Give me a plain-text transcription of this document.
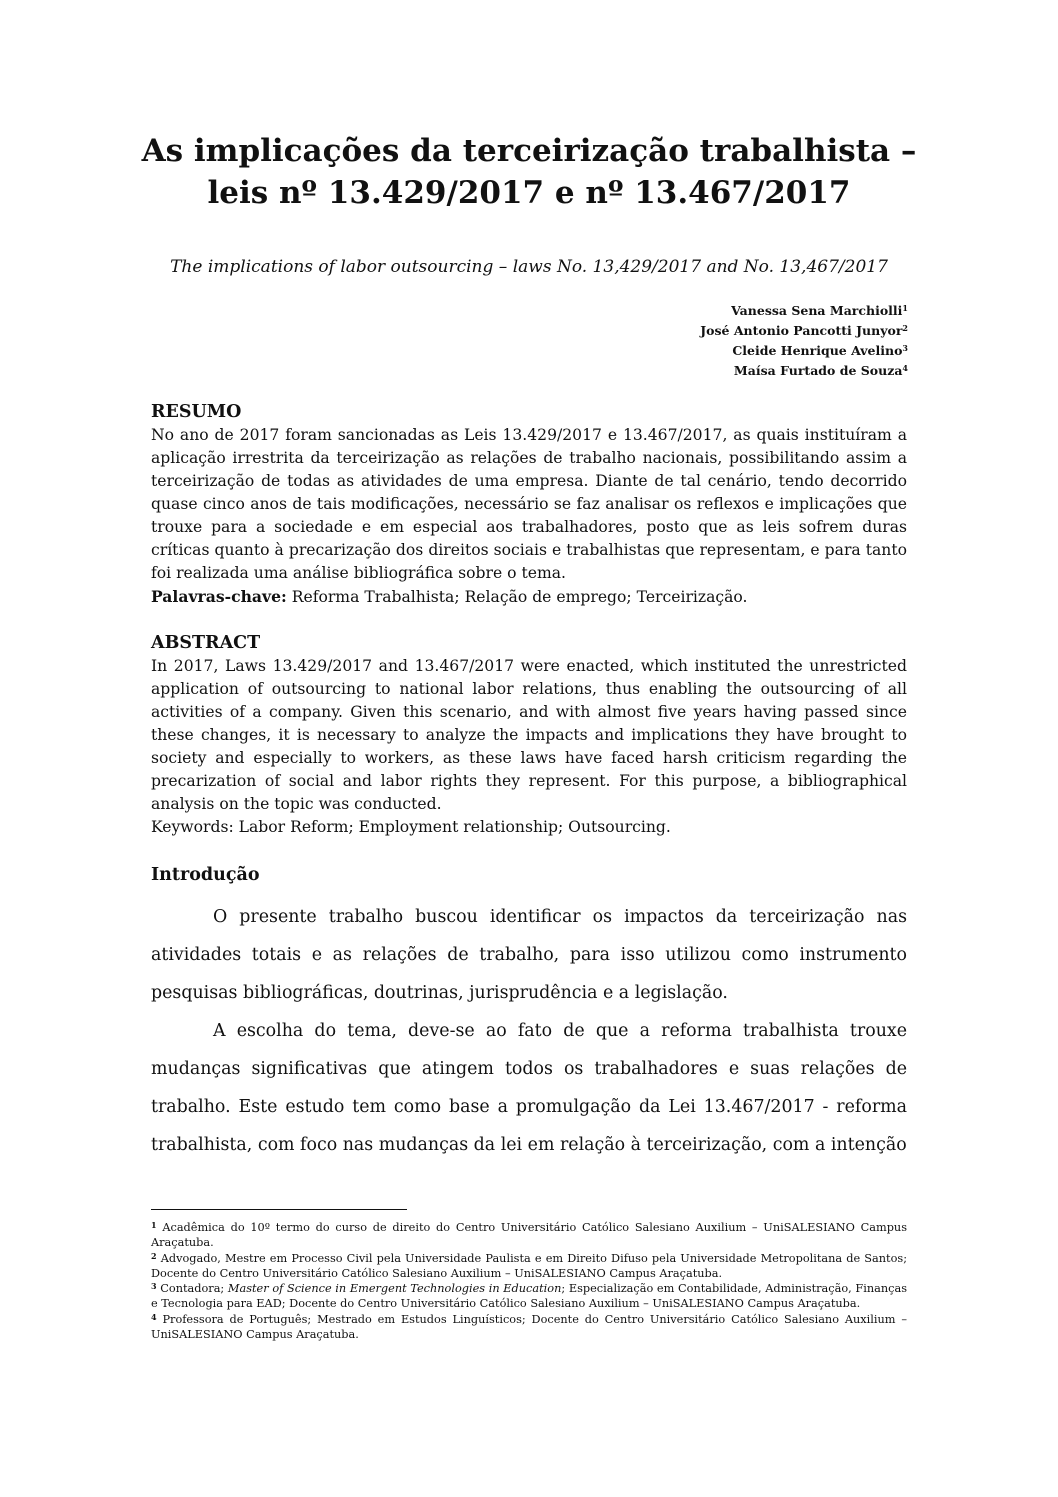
As implicações da terceirização trabalhista –
leis nº 13.429/2017 e nº 13.467/2017
The implications of labor outsourcing – laws No. 13,429/2017 and No. 13,467/2017
Vanessa Sena Marchiolli$^1$
José Antonio Pancotti Junyor$^2$
Cleide Henrique Avelino$^3$
Maísa Furtado de Souza$^4$
RESUMO

No ano de 2017 foram sancionadas as Leis 13.429/2017 e 13.467/2017, as quais instituíram a aplicação irrestrita da terceirização as relações de trabalho nacionais, possibilitando assim a terceirização de todas as atividades de uma empresa. Diante de tal cenário, tendo decorrido quase cinco anos de tais modificações, necessário se faz analisar os reflexos e implicações que trouxe para a sociedade e em especial aos trabalhadores, posto que as leis sofrem duras críticas quanto à precarização dos direitos sociais e trabalhistas que representam, e para tanto foi realizada uma análise bibliográfica sobre o tema.

Palavras-chave: Reforma Trabalhista; Relação de emprego; Terceirização.

ABSTRACT

In 2017, Laws 13.429/2017 and 13.467/2017 were enacted, which instituted the unrestricted application of outsourcing to national labor relations, thus enabling the outsourcing of all activities of a company. Given this scenario, and with almost five years having passed since these changes, it is necessary to analyze the impacts and implications they have brought to society and especially to workers, as these laws have faced harsh criticism regarding the precarization of social and labor rights they represent. For this purpose, a bibliographical analysis on the topic was conducted.

Keywords: Labor Reform; Employment relationship; Outsourcing.

Introdução

O presente trabalho buscou identificar os impactos da terceirização nas atividades totais e as relações de trabalho, para isso utilizou como instrumento pesquisas bibliográficas, doutrinas, jurisprudência e a legislação.

A escolha do tema, deve-se ao fato de que a reforma trabalhista trouxe mudanças significativas que atingem todos os trabalhadores e suas relações de trabalho. Este estudo tem como base a promulgação da Lei 13.467/2017 - reforma trabalhista, com foco nas mudanças da lei em relação à terceirização, com a intenção

$^1$ Acadêmica do 10º termo do curso de direito do Centro Universitário Católico Salesiano Auxilium – UniSALESIANO Campus Araçatuba.

$^2$ Advogado, Mestre em Processo Civil pela Universidade Paulista e em Direito Difuso pela Universidade Metropolitana de Santos; Docente do Centro Universitário Católico Salesiano Auxilium – UniSALESIANO Campus Araçatuba.

$^3$ Contadora; Master of Science in Emergent Technologies in Education; Especialização em Contabilidade, Administração, Finanças e Tecnologia para EAD; Docente do Centro Universitário Católico Salesiano Auxilium – UniSALESIANO Campus Araçatuba.

$^4$ Professora de Português; Mestrado em Estudos Linguísticos; Docente do Centro Universitário Católico Salesiano Auxilium – UniSALESIANO Campus Araçatuba.
